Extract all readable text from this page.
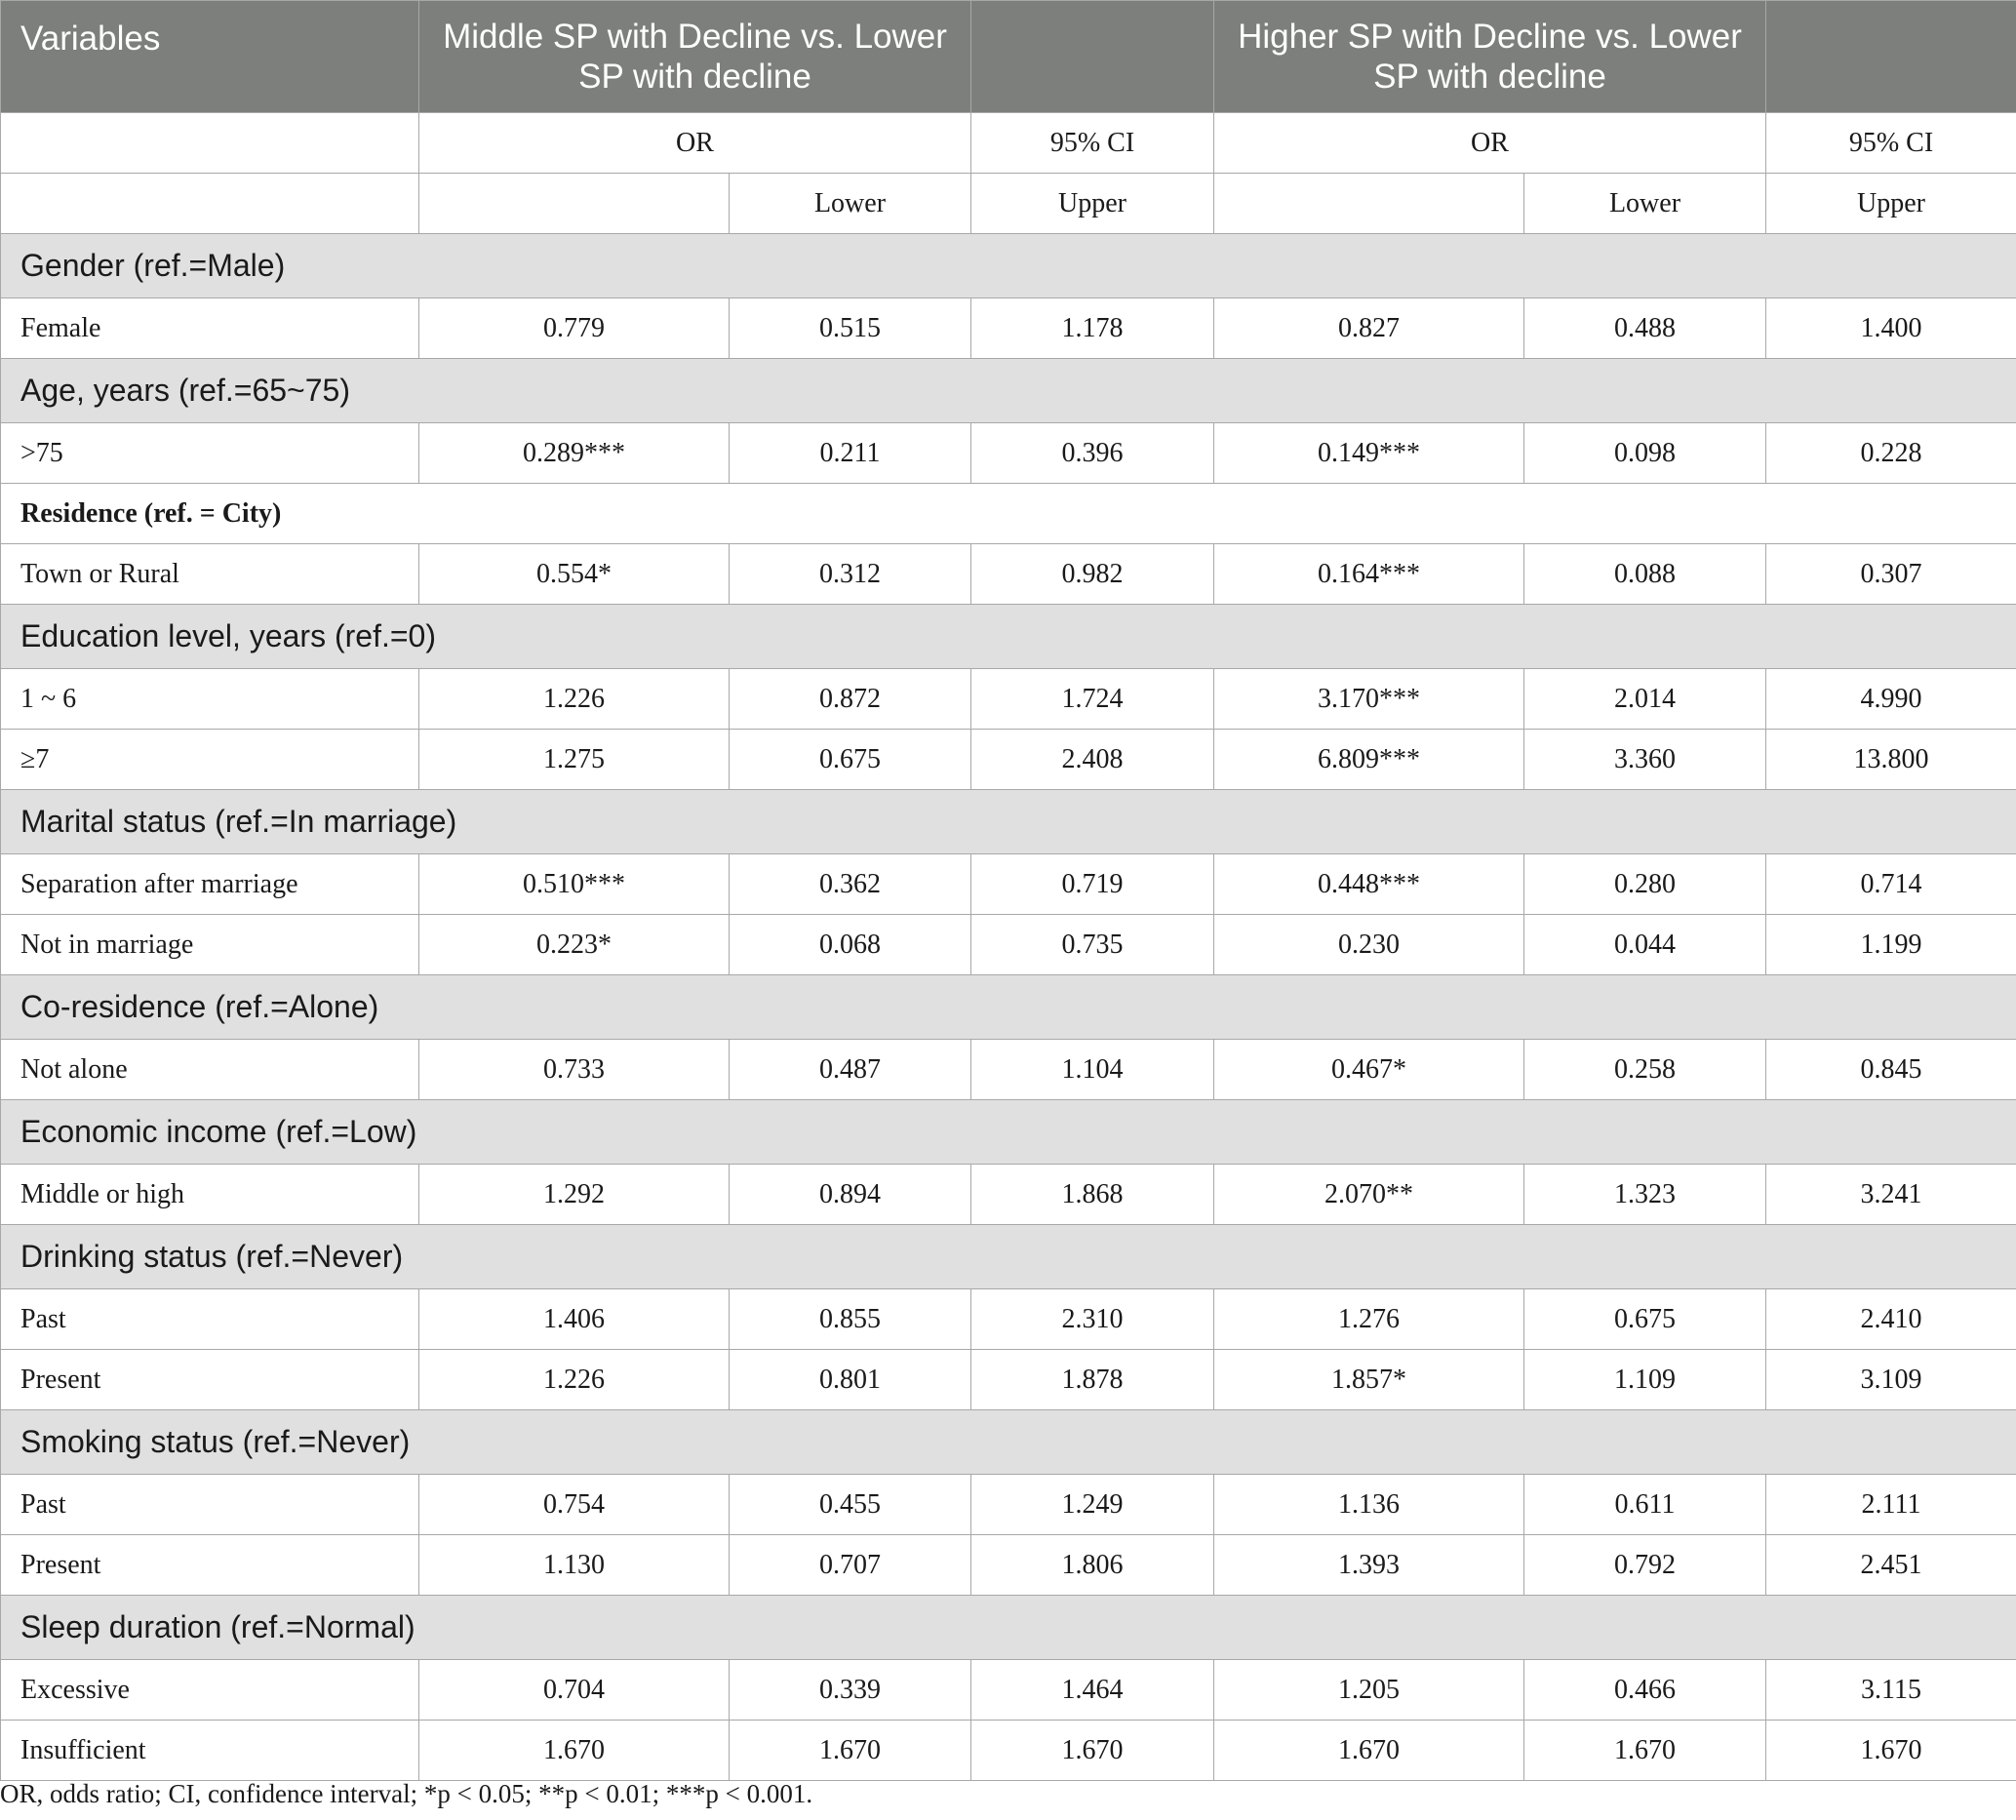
Variables	Middle SP with Decline vs. Lower SP with decline			Higher SP with Decline vs. Lower SP with decline		
	OR		95% CI	OR		95% CI
		Lower	Upper		Lower	Upper
Gender (ref.=Male)						
Female	0.779	0.515	1.178	0.827	0.488	1.400
Age, years (ref.=65~75)						
>75	0.289***	0.211	0.396	0.149***	0.098	0.228
Residence (ref. = City)						
Town or Rural	0.554*	0.312	0.982	0.164***	0.088	0.307
Education level, years (ref.=0)						
1 ~ 6	1.226	0.872	1.724	3.170***	2.014	4.990
≥7	1.275	0.675	2.408	6.809***	3.360	13.800
Marital status (ref.=In marriage)						
Separation after marriage	0.510***	0.362	0.719	0.448***	0.280	0.714
Not in marriage	0.223*	0.068	0.735	0.230	0.044	1.199
Co-residence (ref.=Alone)						
Not alone	0.733	0.487	1.104	0.467*	0.258	0.845
Economic income (ref.=Low)						
Middle or high	1.292	0.894	1.868	2.070**	1.323	3.241
Drinking status (ref.=Never)						
Past	1.406	0.855	2.310	1.276	0.675	2.410
Present	1.226	0.801	1.878	1.857*	1.109	3.109
Smoking status (ref.=Never)						
Past	0.754	0.455	1.249	1.136	0.611	2.111
Present	1.130	0.707	1.806	1.393	0.792	2.451
Sleep duration (ref.=Normal)						
Excessive	0.704	0.339	1.464	1.205	0.466	3.115
Insufficient	1.670	1.670	1.670	1.670	1.670	1.670
OR, odds ratio; CI, confidence interval; *p < 0.05; **p < 0.01; ***p < 0.001.
